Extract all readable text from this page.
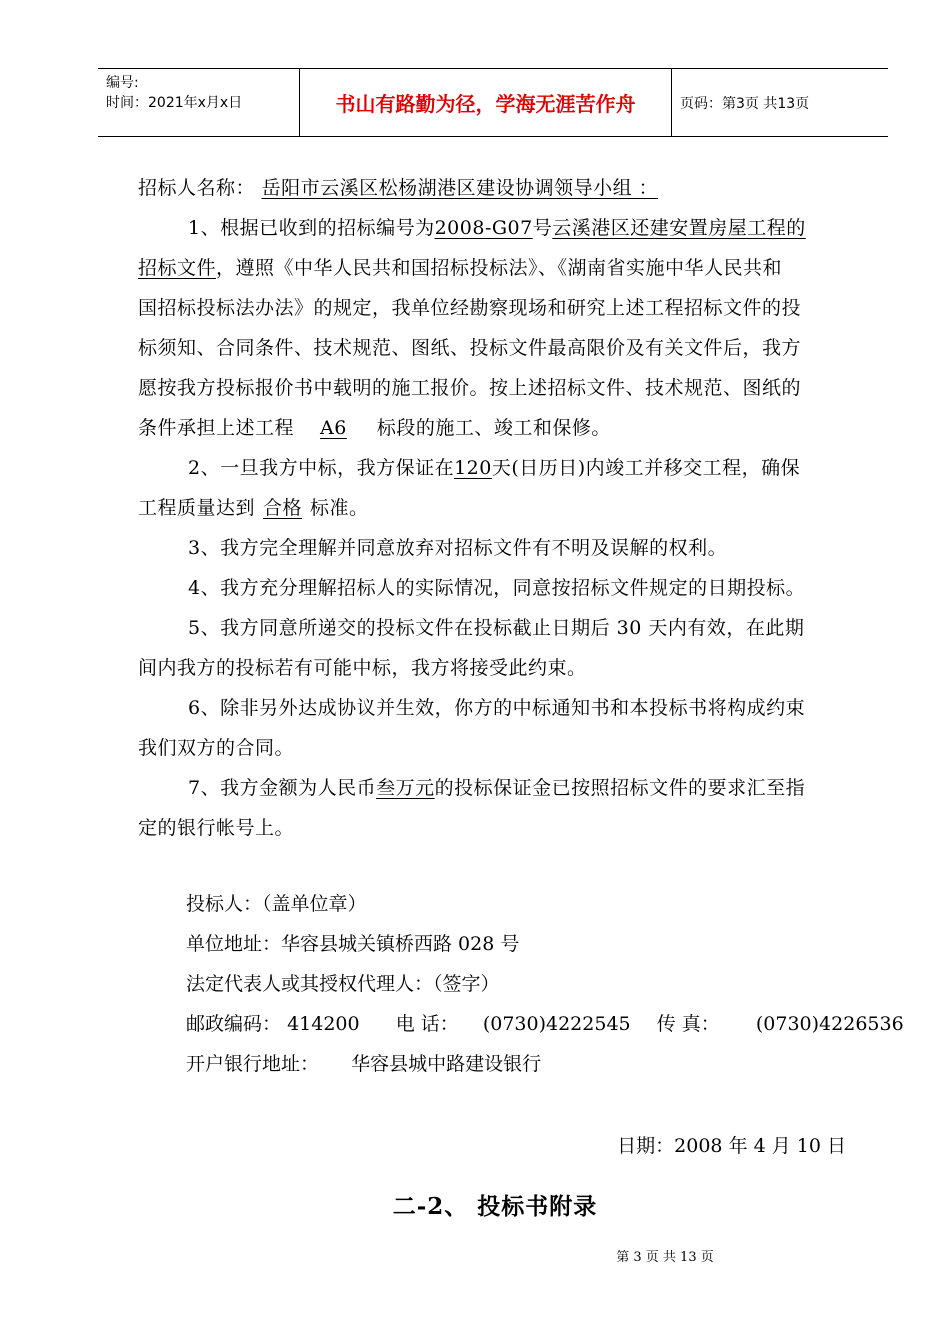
编号:
时间：2021年x月x日	书山有路勤为径，学海无涯苦作舟	页码：第3页 共13页
招标人名称： 岳阳市云溪区松杨湖港区建设协调领导小组 ：
1、根据已收到的招标编号为2008-G07号云溪港区还建安置房屋工程的
招标文件，遵照《中华人民共和国招标投标法》、《湖南省实施中华人民共和
国招标投标法办法》的规定，我单位经勘察现场和研究上述工程招标文件的投
标须知、合同条件、技术规范、图纸、投标文件最高限价及有关文件后，我方
愿按我方投标报价书中载明的施工报价。按上述招标文件、技术规范、图纸的
条件承担上述工程 A6 标段的施工、竣工和保修。
2、一旦我方中标，我方保证在120天(日历日)内竣工并移交工程，确保
工程质量达到 合格 标准。
3、我方完全理解并同意放弃对招标文件有不明及误解的权利。
4、我方充分理解招标人的实际情况，同意按招标文件规定的日期投标。
5、我方同意所递交的投标文件在投标截止日期后 30 天内有效，在此期
间内我方的投标若有可能中标，我方将接受此约束。
6、除非另外达成协议并生效，你方的中标通知书和本投标书将构成约束
我们双方的合同。
7、我方金额为人民币叁万元的投标保证金已按照招标文件的要求汇至指
定的银行帐号上。
投标人：（盖单位章）
单位地址：华容县城关镇桥西路 028 号
法定代表人或其授权代理人：（签字）
邮政编码： 414200 电 话： (0730)4222545 传 真： (0730)4226536
开户银行地址： 华容县城中路建设银行
日期：2008 年 4 月 10 日
二-2、 投标书附录
第 3 页 共 13 页
